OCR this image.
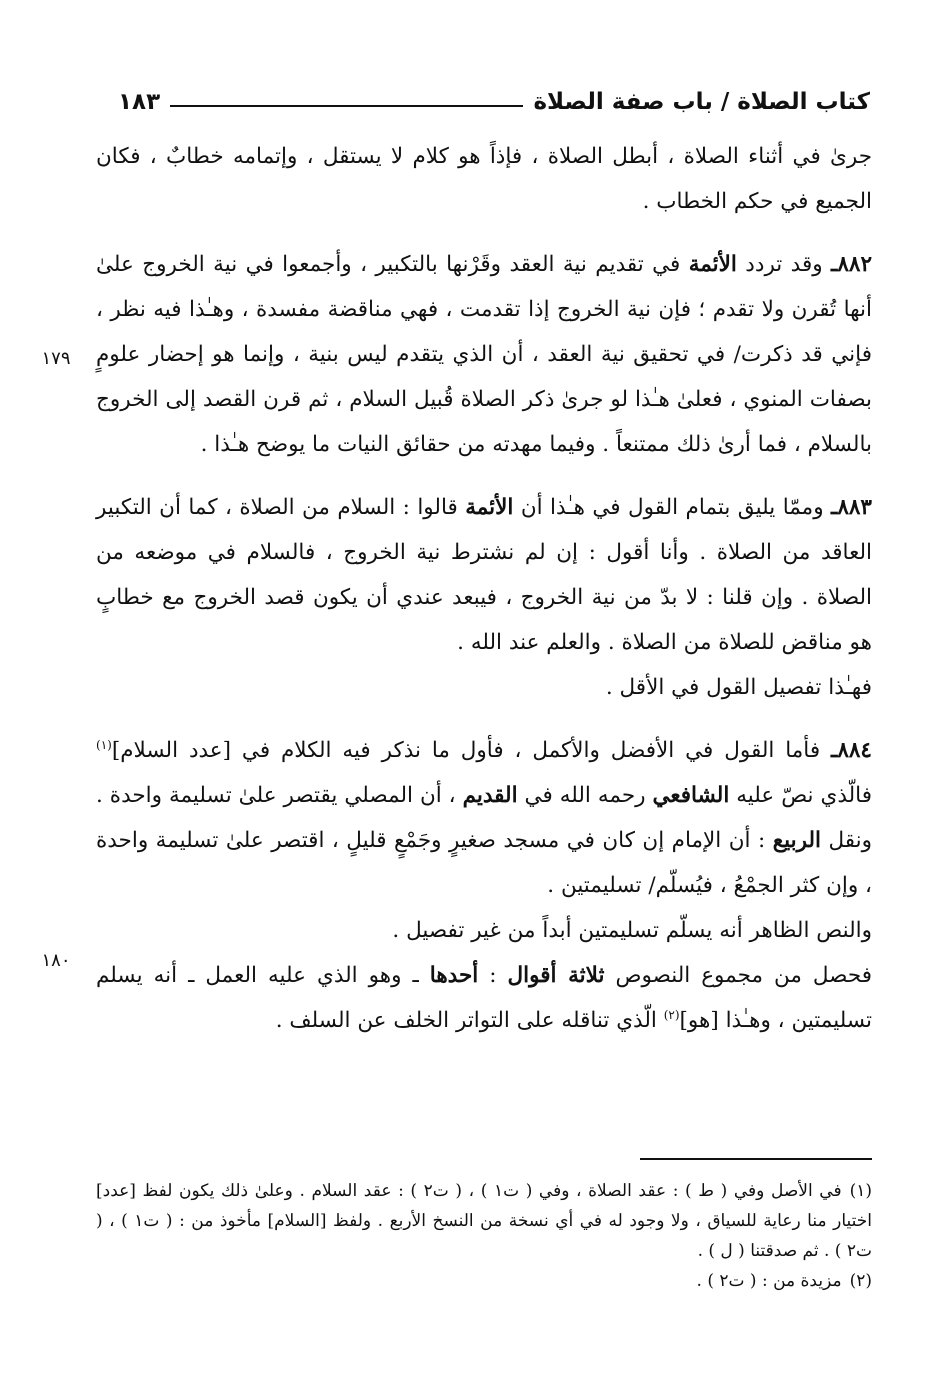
كتاب الصلاة / باب صفة الصلاة
١٨٣

جرىٰ في أثناء الصلاة ، أبطل الصلاة ، فإذاً هو كلام لا يستقل ، وإتمامه خطابٌ ، فكان الجميع في حكم الخطاب .

٨٨٢ـ وقد تردد الأئمة في تقديم نية العقد وقَرْنها بالتكبير ، وأجمعوا في نية الخروج علىٰ أنها تُقرن ولا تقدم ؛ فإن نية الخروج إذا تقدمت ، فهي مناقضة مفسدة ، وهـٰذا فيه نظر ، فإني قد ذكرت/ في تحقيق نية العقد ، أن الذي يتقدم ليس بنية ، وإنما هو إحضار علومٍ بصفات المنوي ، فعلىٰ هـٰذا لو جرىٰ ذكر الصلاة قُبيل السلام ، ثم قرن القصد إلى الخروج بالسلام ، فما أرىٰ ذلك ممتنعاً . وفيما مهدته من حقائق النيات ما يوضح هـٰذا .

٨٨٣ـ وممّا يليق بتمام القول في هـٰذا أن الأئمة قالوا : السلام من الصلاة ، كما أن التكبير العاقد من الصلاة . وأنا أقول : إن لم نشترط نية الخروج ، فالسلام في موضعه من الصلاة . وإن قلنا : لا بدّ من نية الخروج ، فيبعد عندي أن يكون قصد الخروج مع خطابٍ هو مناقض للصلاة من الصلاة . والعلم عند الله .

فهـٰذا تفصيل القول في الأقل .

٨٨٤ـ فأما القول في الأفضل والأكمل ، فأول ما نذكر فيه الكلام في [عدد السلام]$^{(١)}$ فالّذي نصّ عليه الشافعي رحمه الله في القديم ، أن المصلي يقتصر علىٰ تسليمة واحدة . ونقل الربيع : أن الإمام إن كان في مسجد صغيرٍ وجَمْعٍ قليلٍ ، اقتصر علىٰ تسليمة واحدة ، وإن كثر الجمْعُ ، فيُسلّم/ تسليمتين .

والنص الظاهر أنه يسلّم تسليمتين أبداً من غير تفصيل .

فحصل من مجموع النصوص ثلاثة أقوال : أحدها ـ وهو الذي عليه العمل ـ أنه يسلم تسليمتين ، وهـٰذا [هو]$^{(٢)}$ الّذي تناقله على التواتر الخلف عن السلف .

١٧٩
١٨٠

(١)في الأصل وفي ( ط ) : عقد الصلاة ، وفي ( ت١ ) ، ( ت٢ ) : عقد السلام . وعلىٰ ذلك يكون لفظ [عدد] اختيار منا رعاية للسياق ، ولا وجود له في أي نسخة من النسخ الأربع . ولفظ [السلام] مأخوذ من : ( ت١ ) ، ( ت٢ ) . ثم صدقتنا ( ل ) .

(٢)مزيدة من : ( ت٢ ) .
